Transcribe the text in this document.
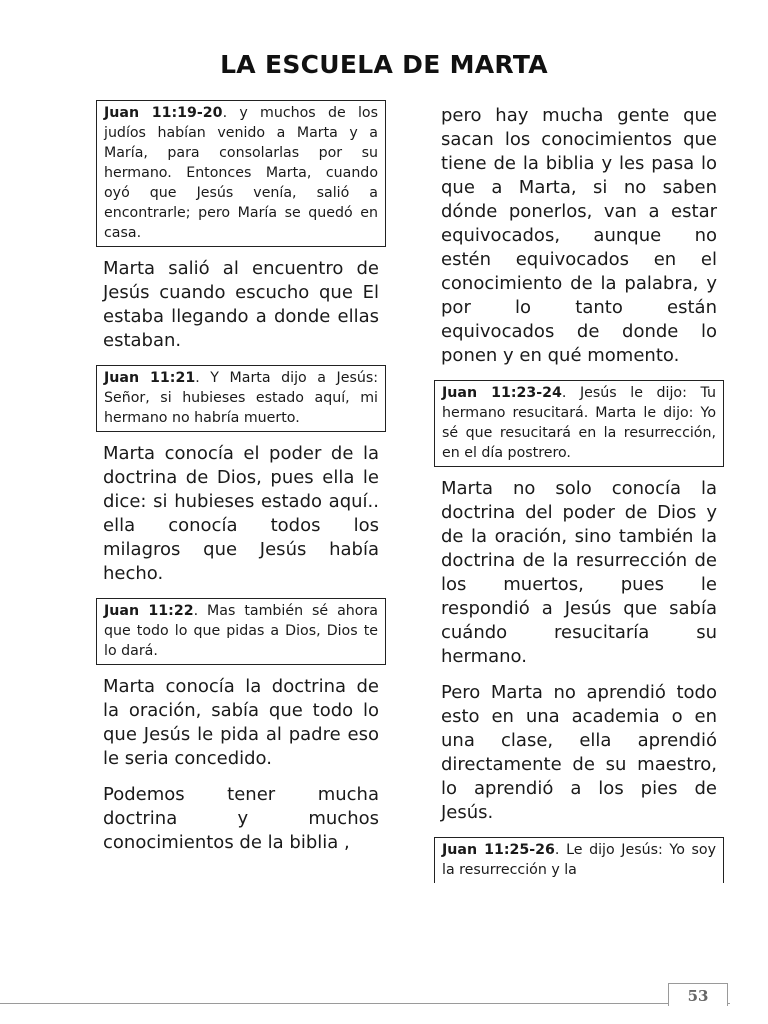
LA ESCUELA DE MARTA
Juan 11:19-20. y muchos de los judíos habían venido a Marta y a María, para consolarlas por su hermano. Entonces Marta, cuando oyó que Jesús venía, salió a encontrarle; pero María se quedó en casa.

Marta salió al encuentro de Jesús cuando escucho que El estaba llegando a donde ellas estaban.

Juan 11:21. Y Marta dijo a Jesús: Señor, si hubieses estado aquí, mi hermano no habría muerto.

Marta conocía el poder de la doctrina de Dios, pues ella le dice: si hubieses estado aquí.. ella conocía todos los milagros que Jesús había hecho.

Juan 11:22. Mas también sé ahora que todo lo que pidas a Dios, Dios te lo dará.

Marta conocía la doctrina de la oración, sabía que todo lo que Jesús le pida al padre eso le seria concedido.

Podemos tener mucha doctrina y muchos conocimientos de la biblia ,

pero hay mucha gente que sacan los conocimientos que tiene de la biblia y les pasa lo que a Marta, si no saben dónde ponerlos, van a estar equivocados, aunque no estén equivocados en el conocimiento de la palabra, y por lo tanto están equivocados de donde lo ponen y en qué momento.

Juan 11:23-24. Jesús le dijo: Tu hermano resucitará. Marta le dijo: Yo sé que resucitará en la resurrección, en el día postrero.

Marta no solo conocía la doctrina del poder de Dios y de la oración, sino también la doctrina de la resurrección de los muertos, pues le respondió a Jesús que sabía cuándo resucitaría su hermano.

Pero Marta no aprendió todo esto en una academia o en una clase, ella aprendió directamente de su maestro, lo aprendió a los pies de Jesús.

Juan 11:25-26. Le dijo Jesús: Yo soy la resurrección y la
53
